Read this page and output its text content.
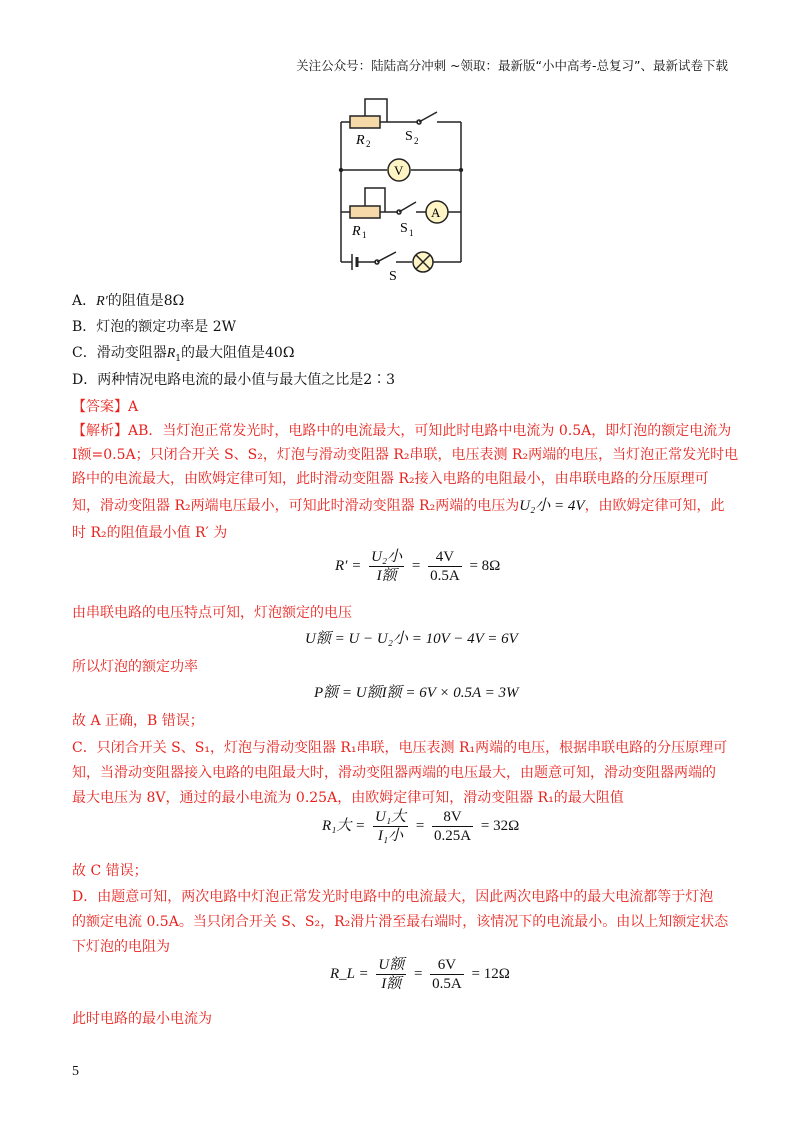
关注公众号：陆陆高分冲刺 ~领取：最新版“小中高考-总复习”、最新试卷下载
R 2 S 2
V
A
R 1 S 1
S
A．R′的阻值是8Ω
B．灯泡的额定功率是 2W
C．滑动变阻器$R_1$的最大阻值是40Ω
D．两种情况电路电流的最小值与最大值之比是2∶3
【答案】A
【解析】AB．当灯泡正常发光时，电路中的电流最大，可知此时电路中电流为 0.5A，即灯泡的额定电流为
I额=0.5A；只闭合开关 S、S₂，灯泡与滑动变阻器 R₂串联，电压表测 R₂两端的电压，当灯泡正常发光时电
路中的电流最大，由欧姆定律可知，此时滑动变阻器 R₂接入电路的电阻最小，由串联电路的分压原理可
知，滑动变阻器 R₂两端电压最小，可知此时滑动变阻器 R₂两端的电压为U₂小 = 4V，由欧姆定律可知，此
时 R₂的阻值最小值 R′ 为
$R' = \frac{\text{U₂小}}{\text{I额}} = \frac{4V}{0.5A} = 8\Omega$
由串联电路的电压特点可知，灯泡额定的电压
U额 = U − U₂小 = 10V − 4V = 6V
所以灯泡的额定功率
P额 = U额I额 = 6V × 0.5A = 3W
故 A 正确，B 错误；
C．只闭合开关 S、S₁，灯泡与滑动变阻器 R₁串联，电压表测 R₁两端的电压，根据串联电路的分压原理可
知，当滑动变阻器接入电路的电阻最大时，滑动变阻器两端的电压最大，由题意可知，滑动变阻器两端的
最大电压为 8V，通过的最小电流为 0.25A，由欧姆定律可知，滑动变阻器 R₁的最大阻值
R₁大 = $\frac{\text{U₁大}}{\text{I₁小}} = \frac{8V}{0.25A} = 32\Omega$
故 C 错误；
D．由题意可知，两次电路中灯泡正常发光时电路中的电流最大，因此两次电路中的最大电流都等于灯泡
的额定电流 0.5A。当只闭合开关 S、S₂，R₂滑片滑至最右端时，该情况下的电流最小。由以上知额定状态
下灯泡的电阻为
R_L = $\frac{\text{U额}}{\text{I额}} = \frac{6V}{0.5A} = 12\Omega$
此时电路的最小电流为
5
